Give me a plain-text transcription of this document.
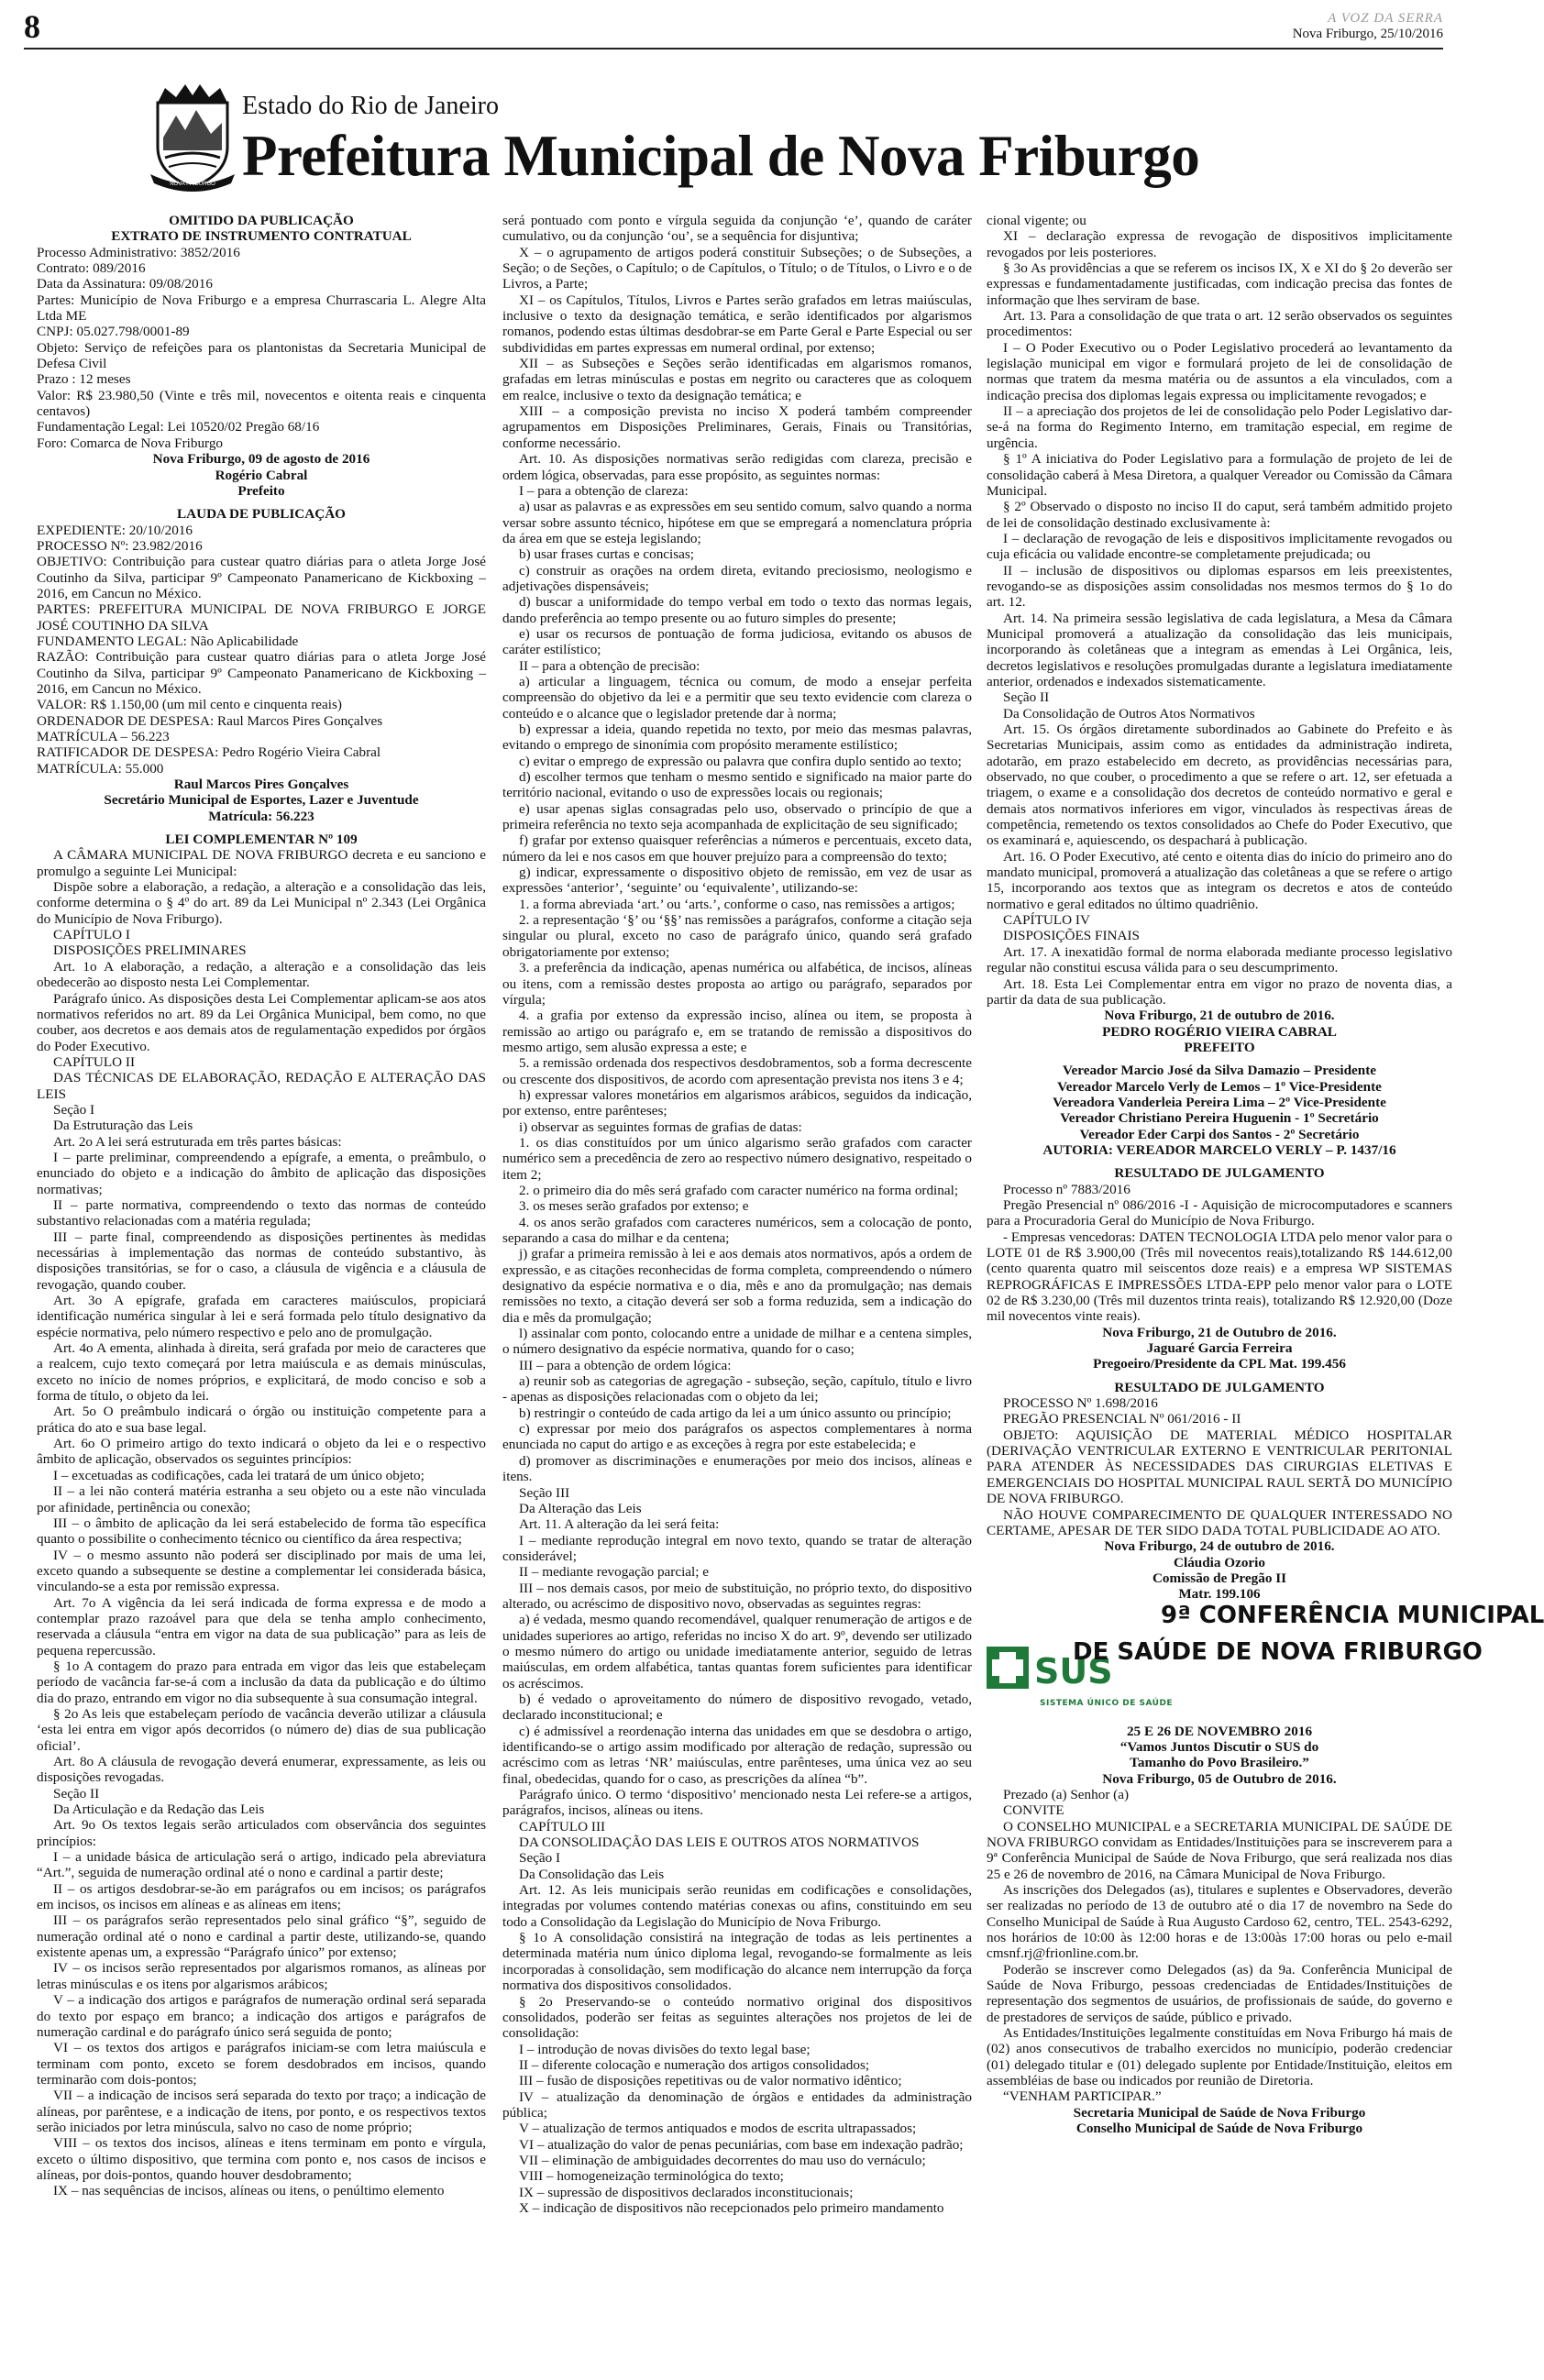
8	A VOZ DA SERRA
Nova Friburgo, 25/10/2016
NOVA FRIBURGO
Estado do Rio de Janeiro
Prefeitura Municipal de Nova Friburgo

OMITIDO DA PUBLICAÇÃO

EXTRATO DE INSTRUMENTO CONTRATUAL

Processo Administrativo: 3852/2016

Contrato: 089/2016

Data da Assinatura: 09/08/2016

Partes: Município de Nova Friburgo e a empresa Churrascaria L. Alegre Alta Ltda ME

CNPJ: 05.027.798/0001-89

Objeto: Serviço de refeições para os plantonistas da Secretaria Municipal de Defesa Civil

Prazo : 12 meses

Valor: R$ 23.980,50 (Vinte e três mil, novecentos e oitenta reais e cinquenta centavos)

Fundamentação Legal: Lei 10520/02 Pregão 68/16

Foro: Comarca de Nova Friburgo

Nova Friburgo, 09 de agosto de 2016

Rogério Cabral

Prefeito

LAUDA DE PUBLICAÇÃO

EXPEDIENTE: 20/10/2016

PROCESSO Nº: 23.982/2016

OBJETIVO: Contribuição para custear quatro diárias para o atleta Jorge José Coutinho da Silva, participar 9º Campeonato Panamericano de Kickboxing – 2016, em Cancun no México.

PARTES: PREFEITURA MUNICIPAL DE NOVA FRIBURGO E JORGE JOSÉ COUTINHO DA SILVA

FUNDAMENTO LEGAL: Não Aplicabilidade

RAZÃO: Contribuição para custear quatro diárias para o atleta Jorge José Coutinho da Silva, participar 9º Campeonato Panamericano de Kickboxing – 2016, em Cancun no México.

VALOR: R$ 1.150,00 (um mil cento e cinquenta reais)

ORDENADOR DE DESPESA: Raul Marcos Pires Gonçalves

MATRÍCULA – 56.223

RATIFICADOR DE DESPESA: Pedro Rogério Vieira Cabral

MATRÍCULA: 55.000

Raul Marcos Pires Gonçalves

Secretário Municipal de Esportes, Lazer e Juventude

Matrícula: 56.223

LEI COMPLEMENTAR Nº 109

A CÂMARA MUNICIPAL DE NOVA FRIBURGO decreta e eu sanciono e promulgo a seguinte Lei Municipal:

Dispõe sobre a elaboração, a redação, a alteração e a consolidação das leis, conforme determina o § 4º do art. 89 da Lei Municipal nº 2.343 (Lei Orgânica do Município de Nova Friburgo).

CAPÍTULO I

DISPOSIÇÕES PRELIMINARES

Art. 1o A elaboração, a redação, a alteração e a consolidação das leis obedecerão ao disposto nesta Lei Complementar.

Parágrafo único. As disposições desta Lei Complementar aplicam-se aos atos normativos referidos no art. 89 da Lei Orgânica Municipal, bem como, no que couber, aos decretos e aos demais atos de regulamentação expedidos por órgãos do Poder Executivo.

CAPÍTULO II

DAS TÉCNICAS DE ELABORAÇÃO, REDAÇÃO E ALTERAÇÃO DAS LEIS

Seção I

Da Estruturação das Leis

Art. 2o A lei será estruturada em três partes básicas:

I – parte preliminar, compreendendo a epígrafe, a ementa, o preâmbulo, o enunciado do objeto e a indicação do âmbito de aplicação das disposições normativas;

II – parte normativa, compreendendo o texto das normas de conteúdo substantivo relacionadas com a matéria regulada;

III – parte final, compreendendo as disposições pertinentes às medidas necessárias à implementação das normas de conteúdo substantivo, às disposições transitórias, se for o caso, a cláusula de vigência e a cláusula de revogação, quando couber.

Art. 3o A epígrafe, grafada em caracteres maiúsculos, propiciará identificação numérica singular à lei e será formada pelo título designativo da espécie normativa, pelo número respectivo e pelo ano de promulgação.

Art. 4o A ementa, alinhada à direita, será grafada por meio de caracteres que a realcem, cujo texto começará por letra maiúscula e as demais minúsculas, exceto no início de nomes próprios, e explicitará, de modo conciso e sob a forma de título, o objeto da lei.

Art. 5o O preâmbulo indicará o órgão ou instituição competente para a prática do ato e sua base legal.

Art. 6o O primeiro artigo do texto indicará o objeto da lei e o respectivo âmbito de aplicação, observados os seguintes princípios:

I – excetuadas as codificações, cada lei tratará de um único objeto;

II – a lei não conterá matéria estranha a seu objeto ou a este não vinculada por afinidade, pertinência ou conexão;

III – o âmbito de aplicação da lei será estabelecido de forma tão específica quanto o possibilite o conhecimento técnico ou científico da área respectiva;

IV – o mesmo assunto não poderá ser disciplinado por mais de uma lei, exceto quando a subsequente se destine a complementar lei considerada básica, vinculando-se a esta por remissão expressa.

Art. 7o A vigência da lei será indicada de forma expressa e de modo a contemplar prazo razoável para que dela se tenha amplo conhecimento, reservada a cláusula “entra em vigor na data de sua publicação” para as leis de pequena repercussão.

§ 1o A contagem do prazo para entrada em vigor das leis que estabeleçam período de vacância far-se-á com a inclusão da data da publicação e do último dia do prazo, entrando em vigor no dia subsequente à sua consumação integral.

§ 2o As leis que estabeleçam período de vacância deverão utilizar a cláusula ‘esta lei entra em vigor após decorridos (o número de) dias de sua publicação oficial’.

Art. 8o A cláusula de revogação deverá enumerar, expressamente, as leis ou disposições revogadas.

Seção II

Da Articulação e da Redação das Leis

Art. 9o Os textos legais serão articulados com observância dos seguintes princípios:

I – a unidade básica de articulação será o artigo, indicado pela abreviatura “Art.”, seguida de numeração ordinal até o nono e cardinal a partir deste;

II – os artigos desdobrar-se-ão em parágrafos ou em incisos; os parágrafos em incisos, os incisos em alíneas e as alíneas em itens;

III – os parágrafos serão representados pelo sinal gráfico “§”, seguido de numeração ordinal até o nono e cardinal a partir deste, utilizando-se, quando existente apenas um, a expressão “Parágrafo único” por extenso;

IV – os incisos serão representados por algarismos romanos, as alíneas por letras minúsculas e os itens por algarismos arábicos;

V – a indicação dos artigos e parágrafos de numeração ordinal será separada do texto por espaço em branco; a indicação dos artigos e parágrafos de numeração cardinal e do parágrafo único será seguida de ponto;

VI – os textos dos artigos e parágrafos iniciam-se com letra maiúscula e terminam com ponto, exceto se forem desdobrados em incisos, quando terminarão com dois-pontos;

VII – a indicação de incisos será separada do texto por traço; a indicação de alíneas, por parêntese, e a indicação de itens, por ponto, e os respectivos textos serão iniciados por letra minúscula, salvo no caso de nome próprio;

VIII – os textos dos incisos, alíneas e itens terminam em ponto e vírgula, exceto o último dispositivo, que termina com ponto e, nos casos de incisos e alíneas, por dois-pontos, quando houver desdobramento;

IX – nas sequências de incisos, alíneas ou itens, o penúltimo elemento

será pontuado com ponto e vírgula seguida da conjunção ‘e’, quando de caráter cumulativo, ou da conjunção ‘ou’, se a sequência for disjuntiva;

X – o agrupamento de artigos poderá constituir Subseções; o de Subseções, a Seção; o de Seções, o Capítulo; o de Capítulos, o Título; o de Títulos, o Livro e o de Livros, a Parte;

XI – os Capítulos, Títulos, Livros e Partes serão grafados em letras maiúsculas, inclusive o texto da designação temática, e serão identificados por algarismos romanos, podendo estas últimas desdobrar-se em Parte Geral e Parte Especial ou ser subdivididas em partes expressas em numeral ordinal, por extenso;

XII – as Subseções e Seções serão identificadas em algarismos romanos, grafadas em letras minúsculas e postas em negrito ou caracteres que as coloquem em realce, inclusive o texto da designação temática; e

XIII – a composição prevista no inciso X poderá também compreender agrupamentos em Disposições Preliminares, Gerais, Finais ou Transitórias, conforme necessário.

Art. 10. As disposições normativas serão redigidas com clareza, precisão e ordem lógica, observadas, para esse propósito, as seguintes normas:

I – para a obtenção de clareza:

a) usar as palavras e as expressões em seu sentido comum, salvo quando a norma versar sobre assunto técnico, hipótese em que se empregará a nomenclatura própria da área em que se esteja legislando;

b) usar frases curtas e concisas;

c) construir as orações na ordem direta, evitando preciosismo, neologismo e adjetivações dispensáveis;

d) buscar a uniformidade do tempo verbal em todo o texto das normas legais, dando preferência ao tempo presente ou ao futuro simples do presente;

e) usar os recursos de pontuação de forma judiciosa, evitando os abusos de caráter estilístico;

II – para a obtenção de precisão:

a) articular a linguagem, técnica ou comum, de modo a ensejar perfeita compreensão do objetivo da lei e a permitir que seu texto evidencie com clareza o conteúdo e o alcance que o legislador pretende dar à norma;

b) expressar a ideia, quando repetida no texto, por meio das mesmas palavras, evitando o emprego de sinonímia com propósito meramente estilístico;

c) evitar o emprego de expressão ou palavra que confira duplo sentido ao texto;

d) escolher termos que tenham o mesmo sentido e significado na maior parte do território nacional, evitando o uso de expressões locais ou regionais;

e) usar apenas siglas consagradas pelo uso, observado o princípio de que a primeira referência no texto seja acompanhada de explicitação de seu significado;

f) grafar por extenso quaisquer referências a números e percentuais, exceto data, número da lei e nos casos em que houver prejuízo para a compreensão do texto;

g) indicar, expressamente o dispositivo objeto de remissão, em vez de usar as expressões ‘anterior’, ‘seguinte’ ou ‘equivalente’, utilizando-se:

1. a forma abreviada ‘art.’ ou ‘arts.’, conforme o caso, nas remissões a artigos;

2. a representação ‘§’ ou ‘§§’ nas remissões a parágrafos, conforme a citação seja singular ou plural, exceto no caso de parágrafo único, quando será grafado obrigatoriamente por extenso;

3. a preferência da indicação, apenas numérica ou alfabética, de incisos, alíneas ou itens, com a remissão destes proposta ao artigo ou parágrafo, separados por vírgula;

4. a grafia por extenso da expressão inciso, alínea ou item, se proposta à remissão ao artigo ou parágrafo e, em se tratando de remissão a dispositivos do mesmo artigo, sem alusão expressa a este; e

5. a remissão ordenada dos respectivos desdobramentos, sob a forma decrescente ou crescente dos dispositivos, de acordo com apresentação prevista nos itens 3 e 4;

h) expressar valores monetários em algarismos arábicos, seguidos da indicação, por extenso, entre parênteses;

i) observar as seguintes formas de grafias de datas:

1. os dias constituídos por um único algarismo serão grafados com caracter numérico sem a precedência de zero ao respectivo número designativo, respeitado o item 2;

2. o primeiro dia do mês será grafado com caracter numérico na forma ordinal;

3. os meses serão grafados por extenso; e

4. os anos serão grafados com caracteres numéricos, sem a colocação de ponto, separando a casa do milhar e da centena;

j) grafar a primeira remissão à lei e aos demais atos normativos, após a ordem de expressão, e as citações reconhecidas de forma completa, compreendendo o número designativo da espécie normativa e o dia, mês e ano da promulgação; nas demais remissões no texto, a citação deverá ser sob a forma reduzida, sem a indicação do dia e mês da promulgação;

l) assinalar com ponto, colocando entre a unidade de milhar e a centena simples, o número designativo da espécie normativa, quando for o caso;

III – para a obtenção de ordem lógica:

a) reunir sob as categorias de agregação - subseção, seção, capítulo, título e livro - apenas as disposições relacionadas com o objeto da lei;

b) restringir o conteúdo de cada artigo da lei a um único assunto ou princípio;

c) expressar por meio dos parágrafos os aspectos complementares à norma enunciada no caput do artigo e as exceções à regra por este estabelecida; e

d) promover as discriminações e enumerações por meio dos incisos, alíneas e itens.

Seção III

Da Alteração das Leis

Art. 11. A alteração da lei será feita:

I – mediante reprodução integral em novo texto, quando se tratar de alteração considerável;

II – mediante revogação parcial; e

III – nos demais casos, por meio de substituição, no próprio texto, do dispositivo alterado, ou acréscimo de dispositivo novo, observadas as seguintes regras:

a) é vedada, mesmo quando recomendável, qualquer renumeração de artigos e de unidades superiores ao artigo, referidas no inciso X do art. 9º, devendo ser utilizado o mesmo número do artigo ou unidade imediatamente anterior, seguido de letras maiúsculas, em ordem alfabética, tantas quantas forem suficientes para identificar os acréscimos.

b) é vedado o aproveitamento do número de dispositivo revogado, vetado, declarado inconstitucional; e

c) é admissível a reordenação interna das unidades em que se desdobra o artigo, identificando-se o artigo assim modificado por alteração de redação, supressão ou acréscimo com as letras ‘NR’ maiúsculas, entre parênteses, uma única vez ao seu final, obedecidas, quando for o caso, as prescrições da alínea “b”.

Parágrafo único. O termo ‘dispositivo’ mencionado nesta Lei refere-se a artigos, parágrafos, incisos, alíneas ou itens.

CAPÍTULO III

DA CONSOLIDAÇÃO DAS LEIS E OUTROS ATOS NORMATIVOS

Seção I

Da Consolidação das Leis

Art. 12. As leis municipais serão reunidas em codificações e consolidações, integradas por volumes contendo matérias conexas ou afins, constituindo em seu todo a Consolidação da Legislação do Município de Nova Friburgo.

§ 1o A consolidação consistirá na integração de todas as leis pertinentes a determinada matéria num único diploma legal, revogando-se formalmente as leis incorporadas à consolidação, sem modificação do alcance nem interrupção da força normativa dos dispositivos consolidados.

§ 2o Preservando-se o conteúdo normativo original dos dispositivos consolidados, poderão ser feitas as seguintes alterações nos projetos de lei de consolidação:

I – introdução de novas divisões do texto legal base;

II – diferente colocação e numeração dos artigos consolidados;

III – fusão de disposições repetitivas ou de valor normativo idêntico;

IV – atualização da denominação de órgãos e entidades da administração pública;

V – atualização de termos antiquados e modos de escrita ultrapassados;

VI – atualização do valor de penas pecuniárias, com base em indexação padrão;

VII – eliminação de ambiguidades decorrentes do mau uso do vernáculo;

VIII – homogeneização terminológica do texto;

IX – supressão de dispositivos declarados inconstitucionais;

X – indicação de dispositivos não recepcionados pelo primeiro mandamento

cional vigente; ou

XI – declaração expressa de revogação de dispositivos implicitamente revogados por leis posteriores.

§ 3o As providências a que se referem os incisos IX, X e XI do § 2o deverão ser expressas e fundamentadamente justificadas, com indicação precisa das fontes de informação que lhes serviram de base.

Art. 13. Para a consolidação de que trata o art. 12 serão observados os seguintes procedimentos:

I – O Poder Executivo ou o Poder Legislativo procederá ao levantamento da legislação municipal em vigor e formulará projeto de lei de consolidação de normas que tratem da mesma matéria ou de assuntos a ela vinculados, com a indicação precisa dos diplomas legais expressa ou implicitamente revogados; e

II – a apreciação dos projetos de lei de consolidação pelo Poder Legislativo dar-se-á na forma do Regimento Interno, em tramitação especial, em regime de urgência.

§ 1º A iniciativa do Poder Legislativo para a formulação de projeto de lei de consolidação caberá à Mesa Diretora, a qualquer Vereador ou Comissão da Câmara Municipal.

§ 2º Observado o disposto no inciso II do caput, será também admitido projeto de lei de consolidação destinado exclusivamente à:

I – declaração de revogação de leis e dispositivos implicitamente revogados ou cuja eficácia ou validade encontre-se completamente prejudicada; ou

II – inclusão de dispositivos ou diplomas esparsos em leis preexistentes, revogando-se as disposições assim consolidadas nos mesmos termos do § 1o do art. 12.

Art. 14. Na primeira sessão legislativa de cada legislatura, a Mesa da Câmara Municipal promoverá a atualização da consolidação das leis municipais, incorporando às coletâneas que a integram as emendas à Lei Orgânica, leis, decretos legislativos e resoluções promulgadas durante a legislatura imediatamente anterior, ordenados e indexados sistematicamente.

Seção II

Da Consolidação de Outros Atos Normativos

Art. 15. Os órgãos diretamente subordinados ao Gabinete do Prefeito e às Secretarias Municipais, assim como as entidades da administração indireta, adotarão, em prazo estabelecido em decreto, as providências necessárias para, observado, no que couber, o procedimento a que se refere o art. 12, ser efetuada a triagem, o exame e a consolidação dos decretos de conteúdo normativo e geral e demais atos normativos inferiores em vigor, vinculados às respectivas áreas de competência, remetendo os textos consolidados ao Chefe do Poder Executivo, que os examinará e, aquiescendo, os despachará à publicação.

Art. 16. O Poder Executivo, até cento e oitenta dias do início do primeiro ano do mandato municipal, promoverá a atualização das coletâneas a que se refere o artigo 15, incorporando aos textos que as integram os decretos e atos de conteúdo normativo e geral editados no último quadriênio.

CAPÍTULO IV

DISPOSIÇÕES FINAIS

Art. 17. A inexatidão formal de norma elaborada mediante processo legislativo regular não constitui escusa válida para o seu descumprimento.

Art. 18. Esta Lei Complementar entra em vigor no prazo de noventa dias, a partir da data de sua publicação.

Nova Friburgo, 21 de outubro de 2016.

PEDRO ROGÉRIO VIEIRA CABRAL

PREFEITO

Vereador Marcio José da Silva Damazio – Presidente

Vereador Marcelo Verly de Lemos – 1º Vice-Presidente

Vereadora Vanderleia Pereira Lima – 2º Vice-Presidente

Vereador Christiano Pereira Huguenin - 1º Secretário

Vereador Eder Carpi dos Santos - 2º Secretário

AUTORIA: VEREADOR MARCELO VERLY – P. 1437/16

RESULTADO DE JULGAMENTO

Processo nº 7883/2016

Pregão Presencial nº 086/2016 -I - Aquisição de microcomputadores e scanners para a Procuradoria Geral do Município de Nova Friburgo.

- Empresas vencedoras: DATEN TECNOLOGIA LTDA pelo menor valor para o LOTE 01 de R$ 3.900,00 (Três mil novecentos reais),totalizando R$ 144.612,00 (cento quarenta quatro mil seiscentos doze reais) e a empresa WP SISTEMAS REPROGRÁFICAS E IMPRESSÕES LTDA-EPP pelo menor valor para o LOTE 02 de R$ 3.230,00 (Três mil duzentos trinta reais), totalizando R$ 12.920,00 (Doze mil novecentos vinte reais).

Nova Friburgo, 21 de Outubro de 2016.

Jaguaré Garcia Ferreira

Pregoeiro/Presidente da CPL Mat. 199.456

RESULTADO DE JULGAMENTO

PROCESSO Nº 1.698/2016

PREGÃO PRESENCIAL Nº 061/2016 - II

OBJETO: AQUISIÇÃO DE MATERIAL MÉDICO HOSPITALAR (DERIVAÇÃO VENTRICULAR EXTERNO E VENTRICULAR PERITONIAL PARA ATENDER ÀS NECESSIDADES DAS CIRURGIAS ELETIVAS E EMERGENCIAIS DO HOSPITAL MUNICIPAL RAUL SERTÃ DO MUNICÍPIO DE NOVA FRIBURGO.

NÃO HOUVE COMPARECIMENTO DE QUALQUER INTERESSADO NO CERTAME, APESAR DE TER SIDO DADA TOTAL PUBLICIDADE AO ATO.

Nova Friburgo, 24 de outubro de 2016.

Cláudia Ozorio

Comissão de Pregão II

Matr. 199.106

SUS
9ª CONFERÊNCIA MUNICIPAL
DE SAÚDE DE NOVA FRIBURGO
SISTEMA ÚNICO DE SAÚDE

25 E 26 DE NOVEMBRO 2016

“Vamos Juntos Discutir o SUS do

Tamanho do Povo Brasileiro.”

Nova Friburgo, 05 de Outubro de 2016.

Prezado (a) Senhor (a)

CONVITE

O CONSELHO MUNICIPAL e a SECRETARIA MUNICIPAL DE SAÚDE DE NOVA FRIBURGO convidam as Entidades/Instituições para se inscreverem para a 9ª Conferência Municipal de Saúde de Nova Friburgo, que será realizada nos dias 25 e 26 de novembro de 2016, na Câmara Municipal de Nova Friburgo.

As inscrições dos Delegados (as), titulares e suplentes e Observadores, deverão ser realizadas no período de 13 de outubro até o dia 17 de novembro na Sede do Conselho Municipal de Saúde à Rua Augusto Cardoso 62, centro, TEL. 2543-6292, nos horários de 10:00 às 12:00 horas e de 13:00às 17:00 horas ou pelo e-mail cmsnf.rj@frionline.com.br.

Poderão se inscrever como Delegados (as) da 9a. Conferência Municipal de Saúde de Nova Friburgo, pessoas credenciadas de Entidades/Instituições de representação dos segmentos de usuários, de profissionais de saúde, do governo e de prestadores de serviços de saúde, público e privado.

As Entidades/Instituições legalmente constituídas em Nova Friburgo há mais de (02) anos consecutivos de trabalho exercidos no município, poderão credenciar (01) delegado titular e (01) delegado suplente por Entidade/Instituição, eleitos em assembléias de base ou indicados por reunião de Diretoria.

“VENHAM PARTICIPAR.”

Secretaria Municipal de Saúde de Nova Friburgo

Conselho Municipal de Saúde de Nova Friburgo
